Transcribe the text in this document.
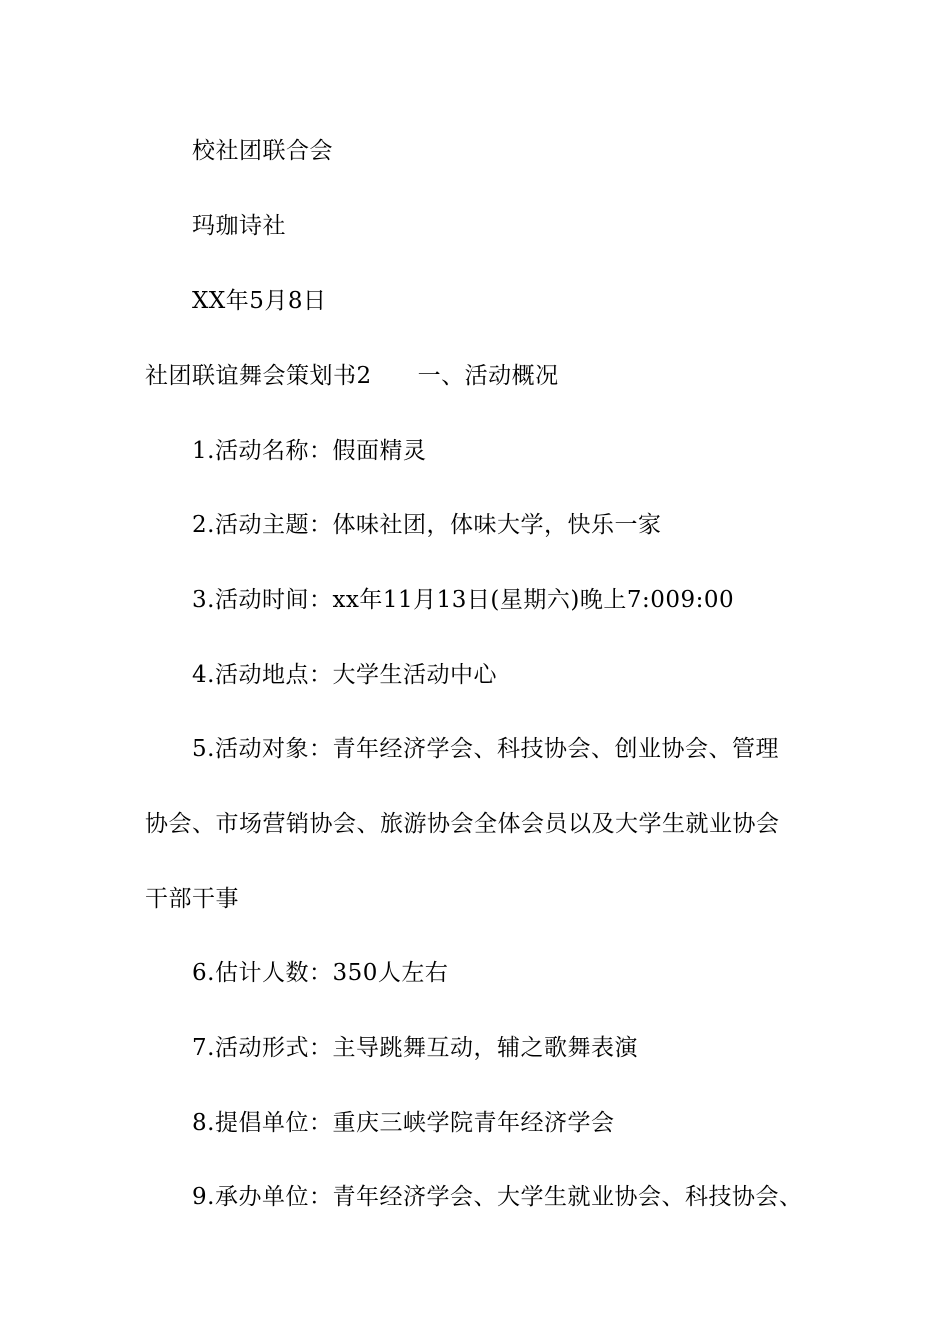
校社团联合会
玛珈诗社
XX年5月8日
社团联谊舞会策划书2 一、活动概况
1.活动名称：假面精灵
2.活动主题：体味社团，体味大学，快乐一家
3.活动时间：xx年11月13日(星期六)晚上7:009:00
4.活动地点：大学生活动中心
5.活动对象：青年经济学会、科技协会、创业协会、管理
协会、市场营销协会、旅游协会全体会员以及大学生就业协会
干部干事
6.估计人数：350人左右
7.活动形式：主导跳舞互动，辅之歌舞表演
8.提倡单位：重庆三峡学院青年经济学会
9.承办单位：青年经济学会、大学生就业协会、科技协会、
